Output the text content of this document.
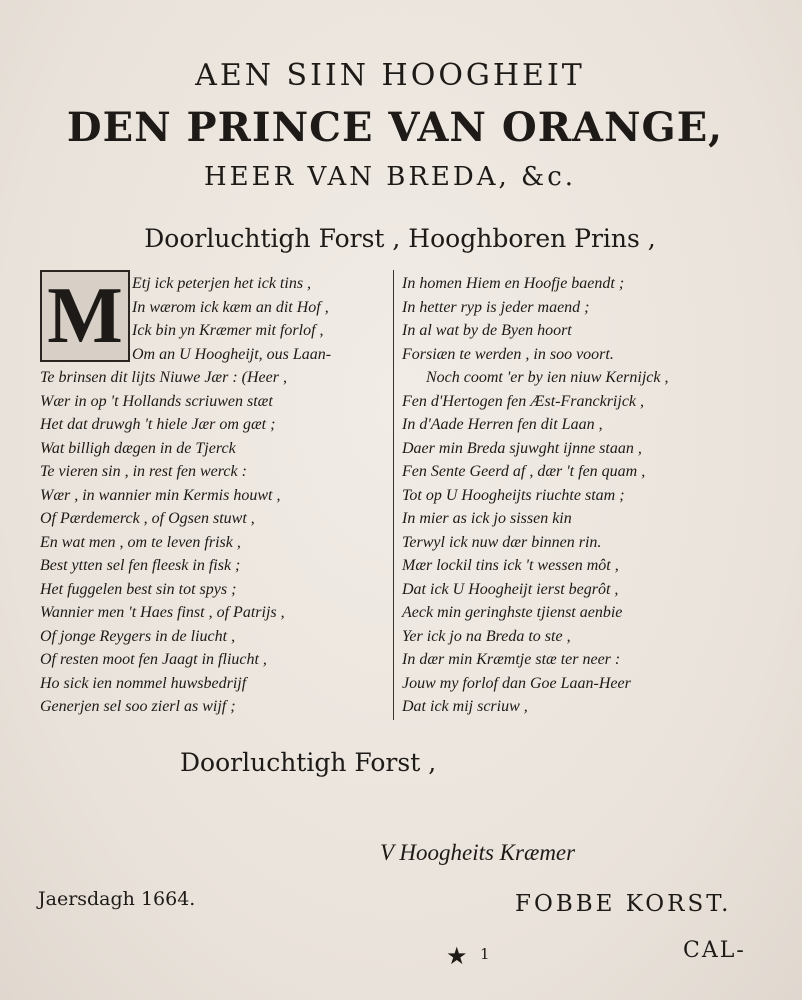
AEN SIIN HOOGHEIT
DEN PRINCE VAN ORANGE,
HEER VAN BREDA, &c.
Doorluchtigh Forst , Hooghboren Prins ,
M Etj ick peterjen het ick tins ,
In wærom ick kæm an dit Hof ,
Ick bin yn Kræmer mit forlof ,
Om an U Hoogheijt, ous Laan-
Te brinsen dit lijts Niuwe Jær : (Heer ,
Wær in op 't Hollands scriuwen stæt
Het dat druwgh 't hiele Jær om gæt ;
Wat billigh dægen in de Tjerck
Te vieren sin , in rest fen werck :
Wær , in wannier min Kermis houwt ,
Of Pærdemerck , of Ogsen stuwt ,
En wat men , om te leven frisk ,
Best ytten sel fen fleesk in fisk ;
Het fuggelen best sin tot spys ;
Wannier men 't Haes finst , of Patrijs ,
Of jonge Reygers in de liucht ,
Of resten moot fen Jaagt in fliucht ,
Ho sick ien nommel huwsbedrijf
Generjen sel soo zierl as wijf ;
In homen Hiem en Hoofje baendt ;
In hetter ryp is jeder maend ;
In al wat by de Byen hoort
Forsiæn te werden , in soo voort.
Noch coomt 'er by ien niuw Kernijck ,
Fen d'Hertogen fen Æst-Franckrijck ,
In d'Aade Herren fen dit Laan ,
Daer min Breda sjuwght ijnne staan ,
Fen Sente Geerd af , dær 't fen quam ,
Tot op U Hoogheijts riuchte stam ;
In mier as ick jo sissen kin
Terwyl ick nuw dær binnen rin.
Mær lockil tins ick 't wessen môt ,
Dat ick U Hoogheijt ierst begrôt ,
Aeck min geringhste tjienst aenbie
Yer ick jo na Breda to ste ,
In dær min Kræmtje stæ ter neer :
Jouw my forlof dan Goe Laan-Heer
Dat ick mij scriuw ,
Doorluchtigh Forst ,
V Hoogheits Kræmer
Jaersdagh 1664.	FOBBE KORST.
★ 1	CAL-
